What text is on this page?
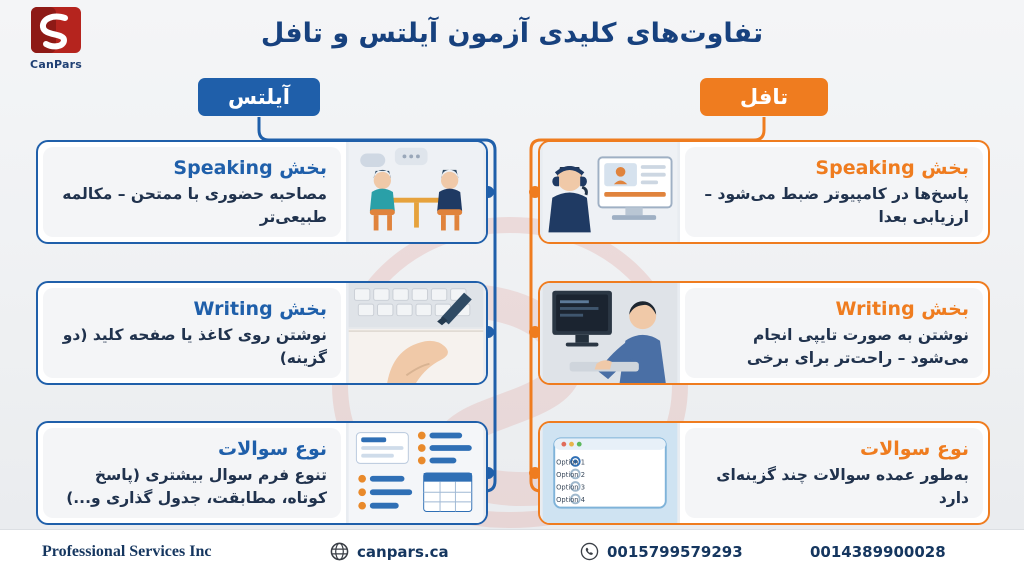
CanPars
تفاوت‌های کلیدی آزمون آیلتس و تافل
آیلتس	تافل
بخش Speaking
مصاحبه حضوری با ممتحن – مکالمه طبیعی‌تر
بخش Speaking
پاسخ‌ها در کامپیوتر ضبط می‌شود – ارزیابی بعدا
بخش Writing
نوشتن روی کاغذ یا صفحه کلید (دو گزینه)
بخش Writing
نوشتن به صورت تایپی انجام می‌شود – راحت‌تر برای برخی
نوع سوالات
تنوع فرم سوال بیشتری (پاسخ کوتاه، مطابقت، جدول گذاری و...)
نوع سوالات
به‌طور عمده سوالات چند گزینه‌ای دارد
Option 1
Option 2
Option 3
Option 4
Professional Services Inc	canpars.ca	0015799579293	0014389900028
